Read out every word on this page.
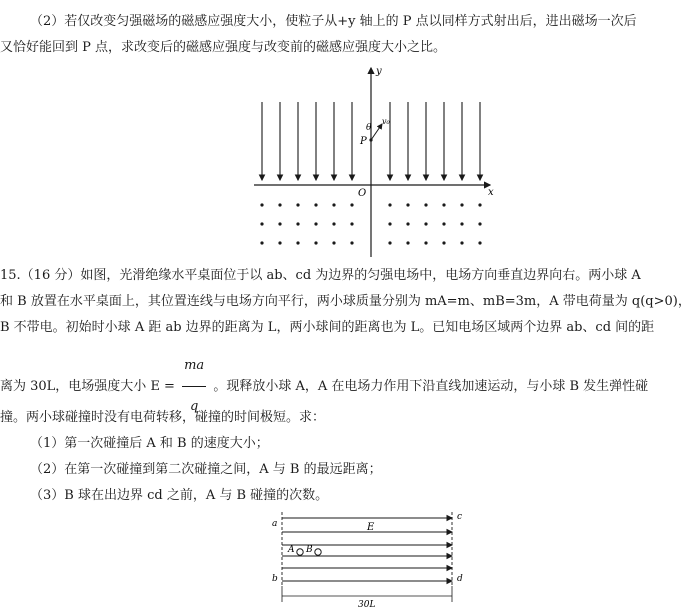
（2）若仅改变匀强磁场的磁感应强度大小，使粒子从+y 轴上的 P 点以同样方式射出后，进出磁场一次后
又恰好能回到 P 点，求改变后的磁感应强度与改变前的磁感应强度大小之比。
y
x
O
P
θ
v₀
15.（16 分）如图，光滑绝缘水平桌面位于以 ab、cd 为边界的匀强电场中，电场方向垂直边界向右。两小球 A
和 B 放置在水平桌面上，其位置连线与电场方向平行，两小球质量分别为 mA=m、mB=3m，A 带电荷量为 q(q>0)，
B 不带电。初始时小球 A 距 ab 边界的距离为 L，两小球间的距离也为 L。已知电场区域两个边界 ab、cd 间的距
离为 30L，电场强度大小 $E = \frac{ma}{q}$ 。现释放小球 A，A 在电场力作用下沿直线加速运动，与小球 B 发生弹性碰
撞。两小球碰撞时没有电荷转移，碰撞的时间极短。求：
（1）第一次碰撞后 A 和 B 的速度大小；
（2）在第一次碰撞到第二次碰撞之间，A 与 B 的最远距离；
（3）B 球在出边界 cd 之前，A 与 B 碰撞的次数。
a
b
c
d
E
A B
30L
